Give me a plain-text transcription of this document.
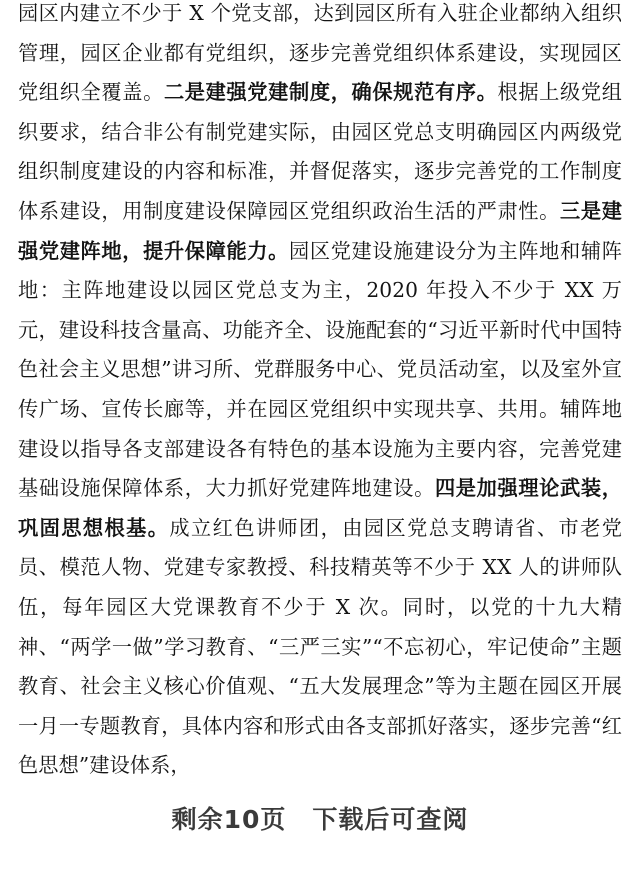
园区内建立不少于 X 个党支部，达到园区所有入驻企业都纳入组织管理，园区企业都有党组织，逐步完善党组织体系建设，实现园区党组织全覆盖。二是建强党建制度，确保规范有序。根据上级党组织要求，结合非公有制党建实际，由园区党总支明确园区内两级党组织制度建设的内容和标准，并督促落实，逐步完善党的工作制度体系建设，用制度建设保障园区党组织政治生活的严肃性。三是建强党建阵地，提升保障能力。园区党建设施建设分为主阵地和辅阵地：主阵地建设以园区党总支为主，2020 年投入不少于 XX 万元，建设科技含量高、功能齐全、设施配套的“习近平新时代中国特色社会主义思想”讲习所、党群服务中心、党员活动室，以及室外宣传广场、宣传长廊等，并在园区党组织中实现共享、共用。辅阵地建设以指导各支部建设各有特色的基本设施为主要内容，完善党建基础设施保障体系，大力抓好党建阵地建设。四是加强理论武装，巩固思想根基。成立红色讲师团，由园区党总支聘请省、市老党员、模范人物、党建专家教授、科技精英等不少于 XX 人的讲师队伍，每年园区大党课教育不少于 X 次。同时，以党的十九大精神、“两学一做”学习教育、“三严三实”“不忘初心，牢记使命”主题教育、社会主义核心价值观、“五大发展理念”等为主题在园区开展一月一专题教育，具体内容和形式由各支部抓好落实，逐步完善“红色思想”建设体系，

剩余10页 下载后可查阅
